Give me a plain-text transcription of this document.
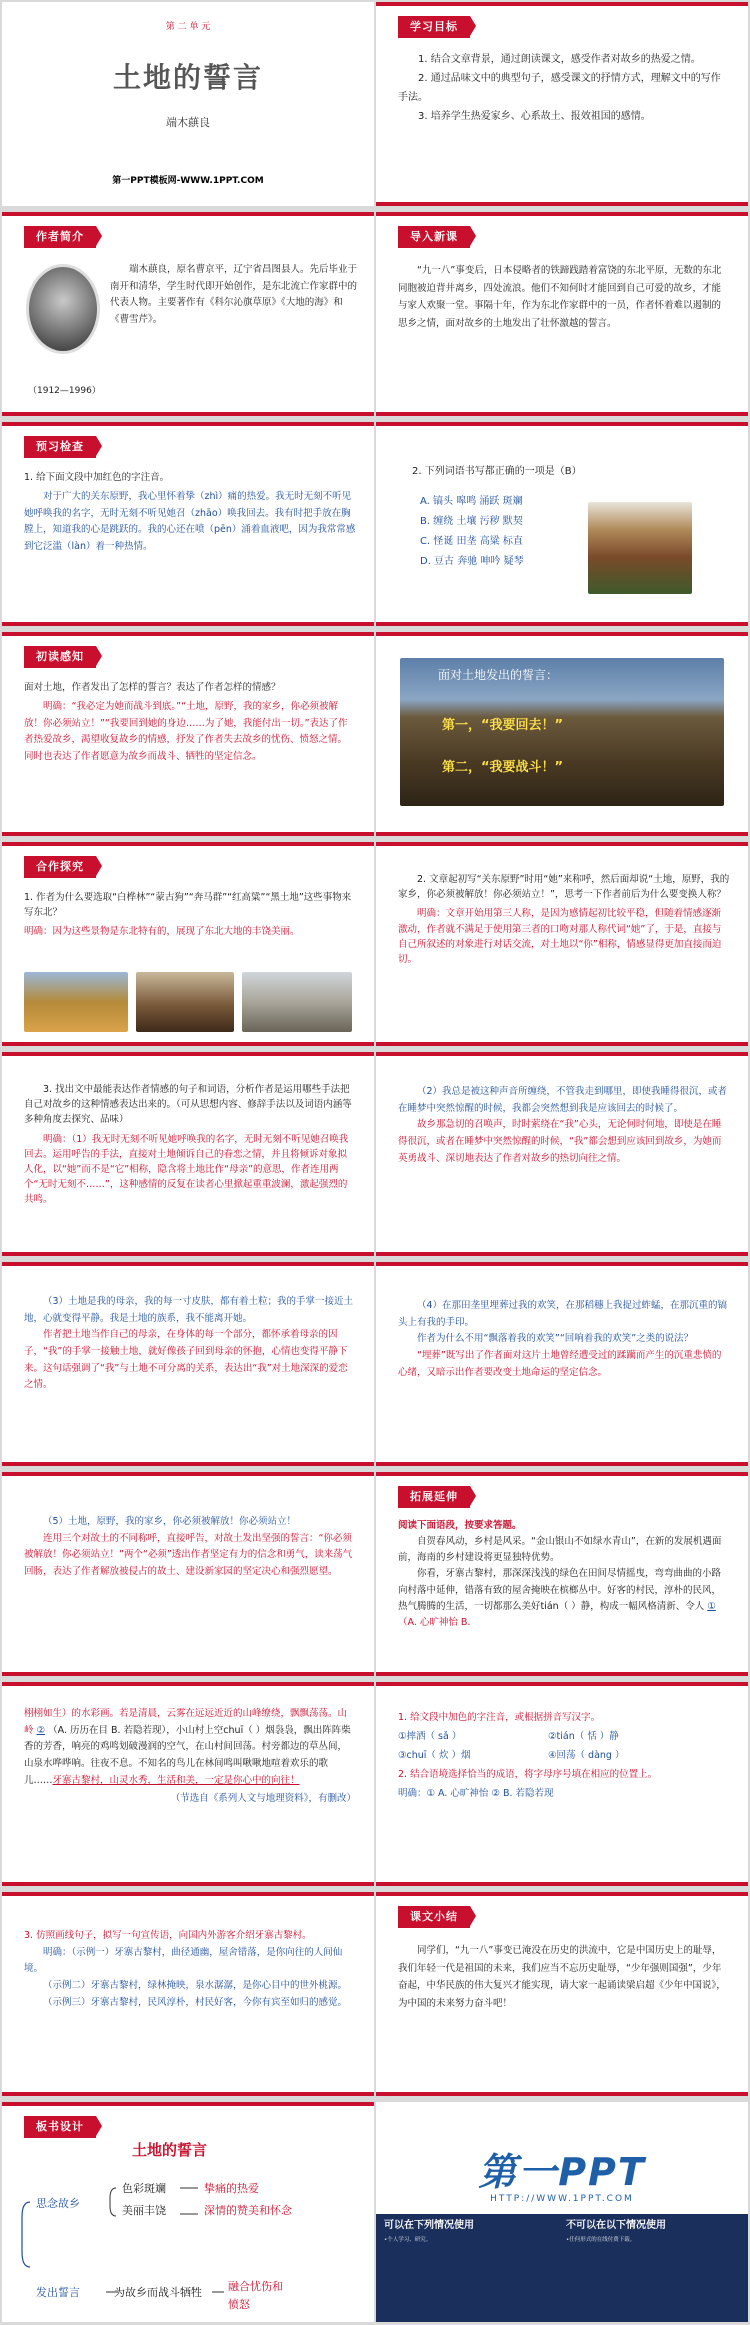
第 二 单 元
土地的誓言
端木蕻良
第一PPT模板网-WWW.1PPT.COM
学习目标

1. 结合文章背景，通过朗读课文，感受作者对故乡的热爱之情。

2. 通过品味文中的典型句子，感受课文的抒情方式，理解文中的写作手法。

3. 培养学生热爱家乡、心系故土、报效祖国的感情。

作者简介
（1912—1996）

端木蕻良，原名曹京平，辽宁省昌图县人。先后毕业于南开和清华，学生时代即开始创作，是东北流亡作家群中的代表人物。主要著作有《科尔沁旗草原》《大地的海》和《曹雪芹》。

导入新课

“九一八”事变后，日本侵略者的铁蹄践踏着富饶的东北平原，无数的东北同胞被迫背井离乡，四处流浪。他们不知何时才能回到自己可爱的故乡，才能与家人欢聚一堂。事隔十年，作为东北作家群中的一员，作者怀着难以遏制的思乡之情，面对故乡的土地发出了壮怀激越的誓言。

预习检查
1. 给下面文段中加红色的字注音。

对于广大的关东原野，我心里怀着挚（zhì）痛的热爱。我无时无刻不听见她呼唤我的名字，无时无刻不听见她召（zhāo）唤我回去。我有时把手放在胸膛上，知道我的心是跳跃的。我的心还在喷（pēn）涌着血液吧，因为我常常感到它泛滥（làn）着一种热情。

2. 下列词语书写都正确的一项是（B）
A. 镐头 嗥鸣 涌跃 斑斓
B. 缠绕 土壤 污秽 默契
C. 怪诞 田垄 高粱 标直
D. 豆古 奔驰 呻吟 疑琴
初读感知
面对土地，作者发出了怎样的誓言？表达了作者怎样的情感？

明确：“我必定为她而战斗到底。”“土地，原野，我的家乡，你必须被解放！你必须站立！”“我要回到她的身边……为了她，我能付出一切。”表达了作者热爱故乡，渴望收复故乡的情感，抒发了作者失去故乡的忧伤、愤怒之情。同时也表达了作者愿意为故乡而战斗、牺牲的坚定信念。

面对土地发出的誓言：
第一，“我要回去！”
第二，“我要战斗！”
合作探究
1. 作者为什么要选取“白桦林”“蒙古狗”“奔马群”“红高粱”“黑土地”这些事物来写东北？

明确：因为这些景物是东北特有的，展现了东北大地的丰饶美丽。

2. 文章起初写“关东原野”时用“她”来称呼，然后面却说“土地，原野，我的家乡，你必须被解放！你必须站立！”，思考一下作者前后为什么要变换人称？

明确：文章开始用第三人称，是因为感情起初比较平稳，但随着情感逐渐激动，作者就不满足于使用第三者的口吻对那人称代词“她”了，于是，直接与自己所叙述的对象进行对话交流，对土地以“你”相称，情感显得更加直接而迫切。

3. 找出文中最能表达作者情感的句子和词语，分析作者是运用哪些手法把自己对故乡的这种情感表达出来的。（可从思想内容、修辞手法以及词语内涵等多种角度去探究、品味）

明确：（1）我无时无刻不听见她呼唤我的名字，无时无刻不听见她召唤我回去。运用呼告的手法，直接对土地倾诉自己的眷恋之情，并且将倾诉对象拟人化，以“她”而不是“它”相称，隐含将土地比作“母亲”的意思，作者连用两个“无时无刻不……”，这种感情的反复在读者心里掀起重重波澜，激起强烈的共鸣。

（2）我总是被这种声音所缠绕，不管我走到哪里，即使我睡得很沉，或者在睡梦中突然惊醒的时候，我都会突然想到我是应该回去的时候了。

故乡那急切的召唤声，时时萦绕在“我”心头，无论何时何地，即使是在睡得很沉，或者在睡梦中突然惊醒的时候，“我”都会想到应该回到故乡，为她而英勇战斗、深切地表达了作者对故乡的热切向往之情。

（3）土地是我的母亲，我的每一寸皮肤，都有着土粒；我的手掌一接近土地，心就变得平静。我是土地的族系，我不能离开她。

作者把土地当作自己的母亲，在身体的每一个部分，都怀承着母亲的因子，“我”的手掌一接触土地，就好像孩子回到母亲的怀抱，心情也变得平静下来。这句话强调了“我”与土地不可分离的关系，表达出“我”对土地深深的爱恋之情。

（4）在那田垄里埋葬过我的欢笑，在那稻穗上我捉过蚱蜢，在那沉重的镐头上有我的手印。

作者为什么不用“飘落着我的欢笑”“回响着我的欢笑”之类的说法？

“埋葬”既写出了作者面对这片土地曾经遭受过的蹂躏而产生的沉重悲愤的心绪，又暗示出作者要改变土地命运的坚定信念。

（5）土地，原野，我的家乡，你必须被解放！你必须站立！

连用三个对故土的不同称呼，直接呼告，对故土发出坚强的誓言：“你必须被解放！你必须站立！”两个“必须”透出作者坚定有力的信念和勇气，读来荡气回肠，表达了作者解放被侵占的故土、建设新家园的坚定决心和强烈愿望。

拓展延伸
阅读下面语段，按要求答题。

自贺春风动，乡村是风采。“金山银山不如绿水青山”，在新的发展机遇面前，海南的乡村建设将更显独特优势。

你看，牙寨古黎村，那深深浅浅的绿色在田间尽情摇曳，弯弯曲曲的小路向村落中延伸，错落有致的屋舍掩映在槟榔丛中。好客的村民，淳朴的民风，热气腾腾的生活，一切都那么美好tián（ ）静，构成一幅风格清新、令人 ① （A. 心旷神怡 B.

栩栩如生）的水彩画。若是清晨，云雾在远远近近的山峰缭绕，飘飘荡荡。山岭 ② （A. 历历在目 B. 若隐若现），小山村上空chuī（ ）烟袅袅，飘出阵阵柴香的芳香，响亮的鸡鸣划破漫润的空气，在山村间回荡。村旁都边的草丛间，山泉水哗哗响。往夜不息。不知名的鸟儿在林间鸣叫啾啾地喧着欢乐的歌儿……牙寨古黎村，山灵水秀，生活和美，一定是你心中的向往！

（节选自《系列人文与地理资料》，有删改）
1. 给文段中加色的字注音，或根据拼音写汉字。
①摔洒（ sǎ ）	②tián（ 恬 ）静
③chuī（ 炊 ）烟	④回荡（ dàng ）
2. 结合语境选择恰当的成语，将字母序号填在相应的位置上。
明确：① A. 心旷神怡 ② B. 若隐若现
3. 仿照画线句子，拟写一句宣传语，向国内外游客介绍牙寨古黎村。

明确：（示例一）牙寨古黎村，曲径通幽，屋舍错落，是你向往的人间仙境。

（示例二）牙寨古黎村，绿林掩映，泉水潺潺，是你心目中的世外桃源。

（示例三）牙寨古黎村，民风淳朴，村民好客，今你有宾至如归的感觉。

课文小结

同学们，“九一八”事变已淹没在历史的洪流中，它是中国历史上的耻辱，我们年轻一代是祖国的未来，我们应当不忘历史耻辱，“少年强则国强”，少年奋起，中华民族的伟大复兴才能实现，请大家一起诵读梁启超《少年中国说》，为中国的未来努力奋斗吧！

板书设计
土地的誓言
思念故乡
色彩斑斓
美丽丰饶
挚痛的热爱
深情的赞美和怀念
发出誓言	为故乡而战斗牺牲 融合忧伤和
愤怒
第一PPT
HTTP://WWW.1PPT.COM
可以在下列情况使用
•个人学习、研究。
不可以在以下情况使用
•任何形式的在线付费下载。
